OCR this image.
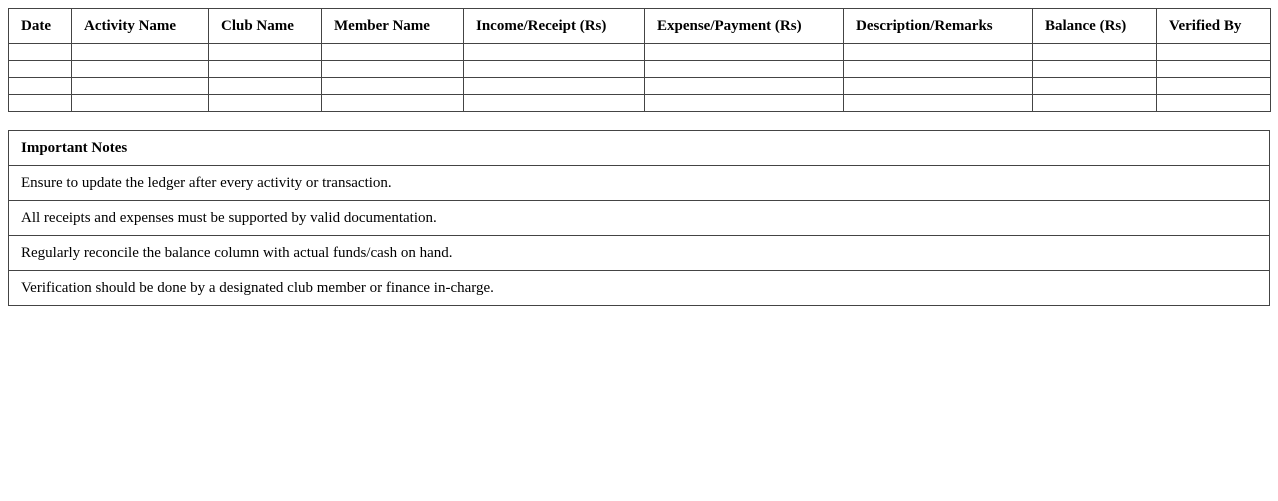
Date	Activity Name	Club Name	Member Name	Income/Receipt (Rs)	Expense/Payment (Rs)	Description/Remarks	Balance (Rs)	Verified By

Important Notes
Ensure to update the ledger after every activity or transaction.
All receipts and expenses must be supported by valid documentation.
Regularly reconcile the balance column with actual funds/cash on hand.
Verification should be done by a designated club member or finance in-charge.
